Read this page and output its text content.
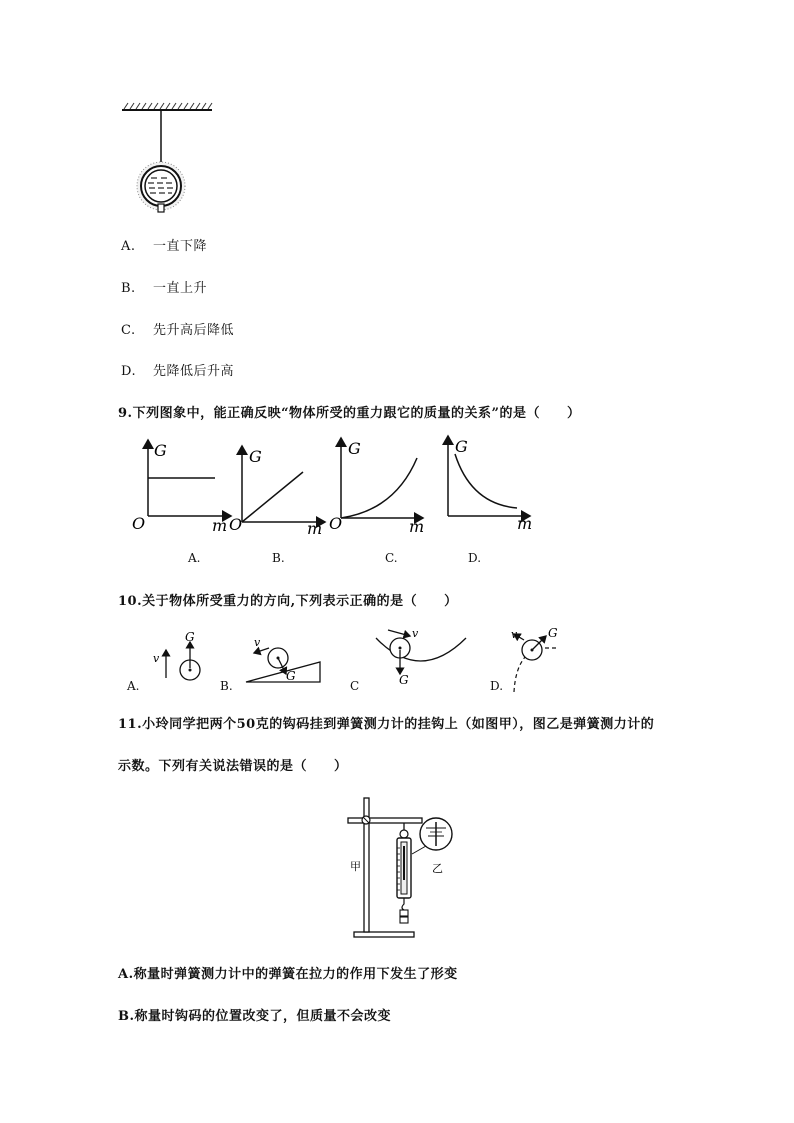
A. 一直下降
B. 一直上升
C. 先升高后降低
D. 先降低后升高
9.下列图象中，能正确反映“物体所受的重力跟它的质量的关系”的是（　　）
G
O	m
G
O	m
G
O	m
G
m
A.	B.	C.	D.
10.关于物体所受重力的方向,下列表示正确的是（　　）
v
G	v
G
v
G
G
v
A.	B.	C	D.
11.小玲同学把两个50克的钩码挂到弹簧测力计的挂钩上（如图甲），图乙是弹簧测力计的
示数。下列有关说法错误的是（　　）
甲	乙
A.称量时弹簧测力计中的弹簧在拉力的作用下发生了形变
B.称量时钩码的位置改变了，但质量不会改变
